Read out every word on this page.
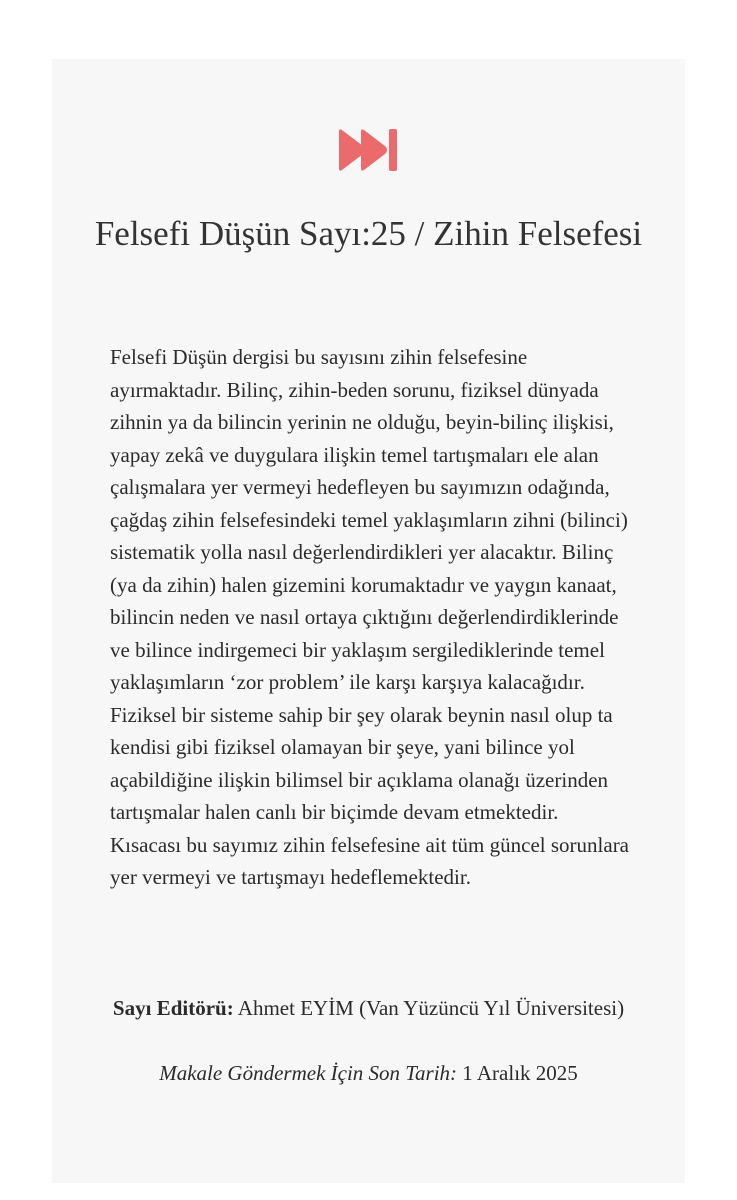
Felsefi Düşün Sayı:25 / Zihin Felsefesi

Felsefi Düşün dergisi bu sayısını zihin felsefesine ayırmaktadır. Bilinç, zihin-beden sorunu, fiziksel dünyada zihnin ya da bilincin yerinin ne olduğu, beyin-bilinç ilişkisi, yapay zekâ ve duygulara ilişkin temel tartışmaları ele alan çalışmalara yer vermeyi hedefleyen bu sayımızın odağında, çağdaş zihin felsefesindeki temel yaklaşımların zihni (bilinci) sistematik yolla nasıl değerlendirdikleri yer alacaktır. Bilinç (ya da zihin) halen gizemini korumaktadır ve yaygın kanaat, bilincin neden ve nasıl ortaya çıktığını değerlendirdiklerinde ve bilince indirgemeci bir yaklaşım sergilediklerinde temel yaklaşımların ‘zor problem’ ile karşı karşıya kalacağıdır. Fiziksel bir sisteme sahip bir şey olarak beynin nasıl olup ta kendisi gibi fiziksel olamayan bir şeye, yani bilince yol açabildiğine ilişkin bilimsel bir açıklama olanağı üzerinden tartışmalar halen canlı bir biçimde devam etmektedir. Kısacası bu sayımız zihin felsefesine ait tüm güncel sorunlara yer vermeyi ve tartışmayı hedeflemektedir.

Sayı Editörü: Ahmet EYİM (Van Yüzüncü Yıl Üniversitesi)

Makale Göndermek İçin Son Tarih: 1 Aralık 2025
